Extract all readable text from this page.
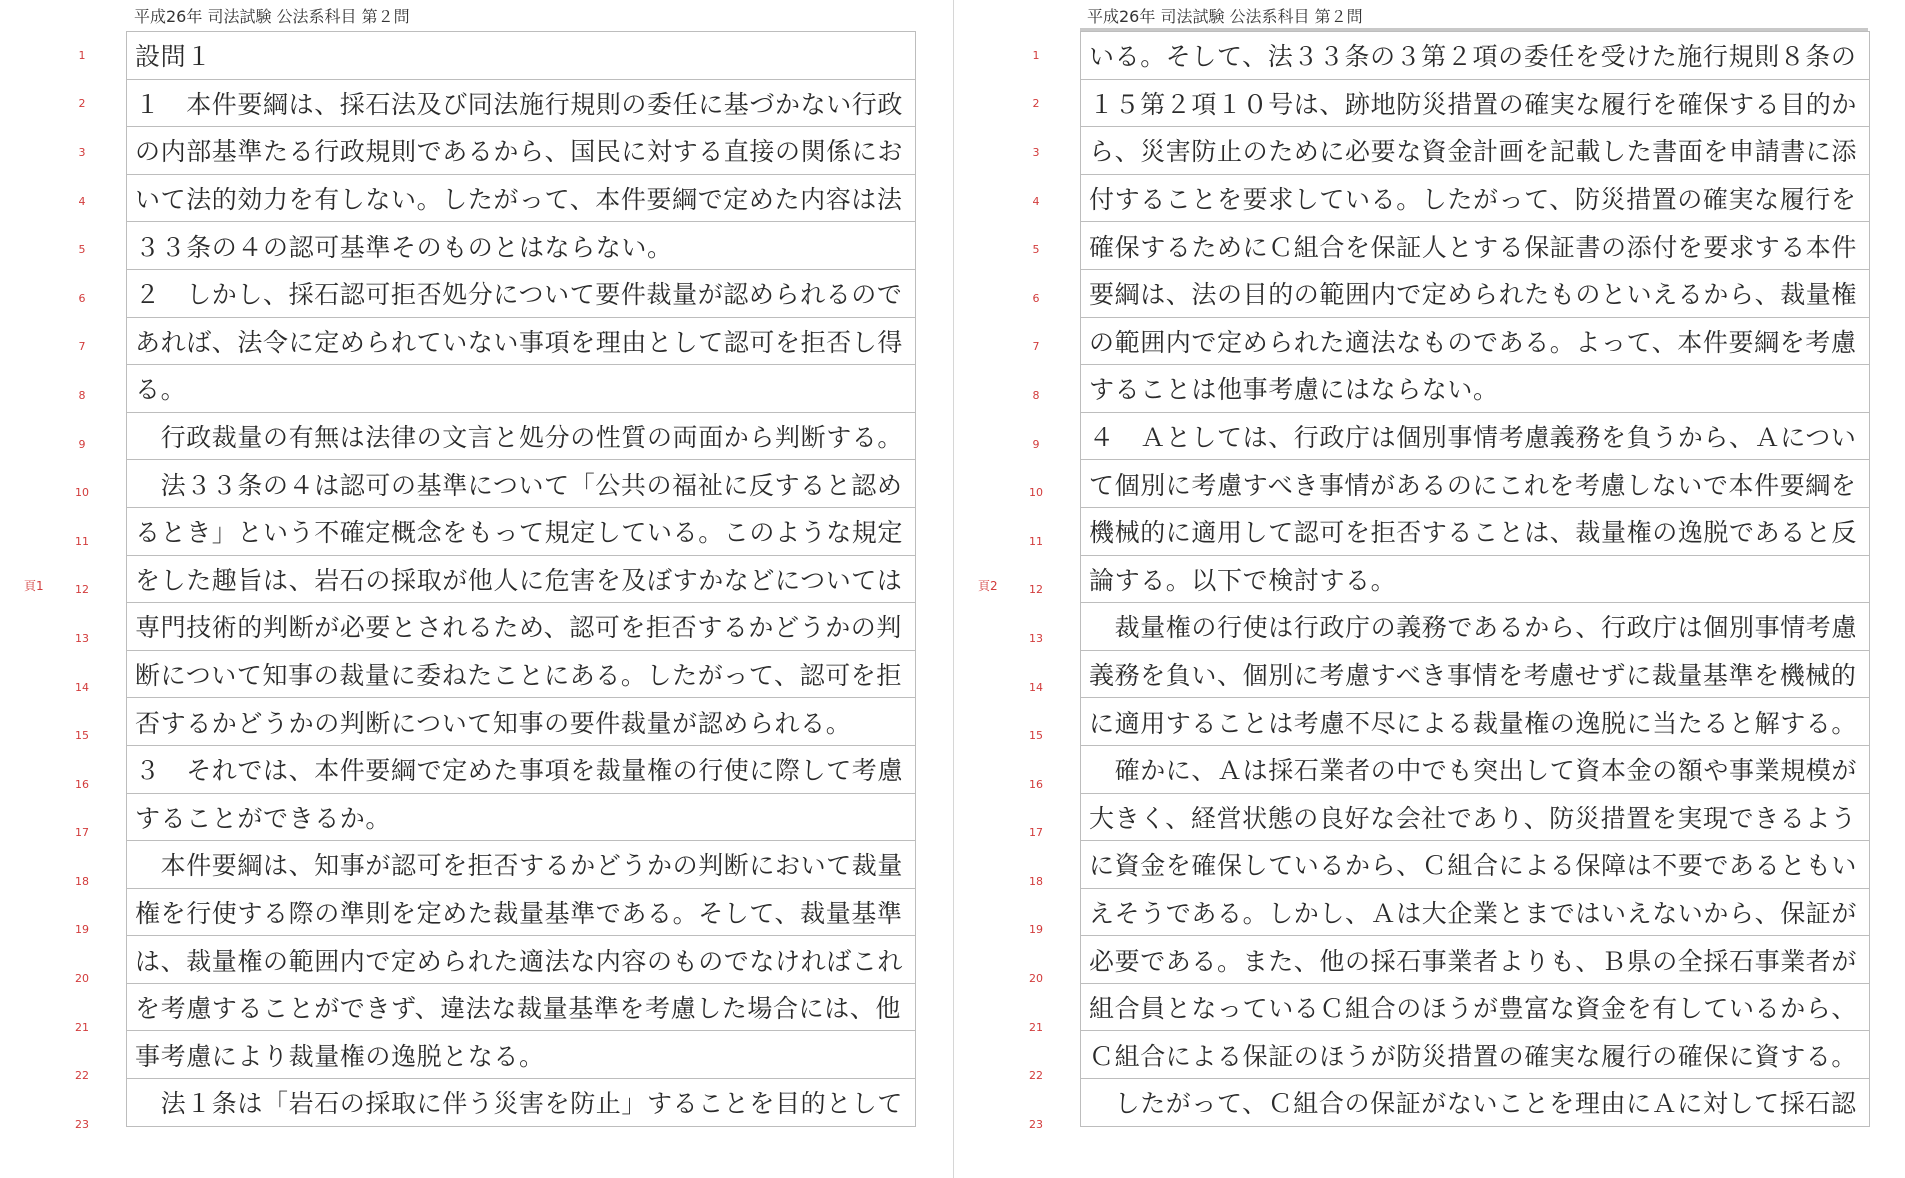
平成26年 司法試験 公法系科目 第２問
頁1
1
2
3
4
5
6
7
8
9
10
11
12
13
14
15
16
17
18
19
20
21
22
23
設問１
１　本件要綱は、採石法及び同法施行規則の委任に基づかない行政
の内部基準たる行政規則であるから、国民に対する直接の関係にお
いて法的効力を有しない。したがって、本件要綱で定めた内容は法
３３条の４の認可基準そのものとはならない。
２　しかし、採石認可拒否処分について要件裁量が認められるので
あれば、法令に定められていない事項を理由として認可を拒否し得
る。
　行政裁量の有無は法律の文言と処分の性質の両面から判断する。
　法３３条の４は認可の基準について「公共の福祉に反すると認め
るとき」という不確定概念をもって規定している。このような規定
をした趣旨は、岩石の採取が他人に危害を及ぼすかなどについては
専門技術的判断が必要とされるため、認可を拒否するかどうかの判
断について知事の裁量に委ねたことにある。したがって、認可を拒
否するかどうかの判断について知事の要件裁量が認められる。
３　それでは、本件要綱で定めた事項を裁量権の行使に際して考慮
することができるか。
　本件要綱は、知事が認可を拒否するかどうかの判断において裁量
権を行使する際の準則を定めた裁量基準である。そして、裁量基準
は、裁量権の範囲内で定められた適法な内容のものでなければこれ
を考慮することができず、違法な裁量基準を考慮した場合には、他
事考慮により裁量権の逸脱となる。
　法１条は「岩石の採取に伴う災害を防止」することを目的として
平成26年 司法試験 公法系科目 第２問
頁2
1
2
3
4
5
6
7
8
9
10
11
12
13
14
15
16
17
18
19
20
21
22
23
いる。そして、法３３条の３第２項の委任を受けた施行規則８条の
１５第２項１０号は、跡地防災措置の確実な履行を確保する目的か
ら、災害防止のために必要な資金計画を記載した書面を申請書に添
付することを要求している。したがって、防災措置の確実な履行を
確保するためにＣ組合を保証人とする保証書の添付を要求する本件
要綱は、法の目的の範囲内で定められたものといえるから、裁量権
の範囲内で定められた適法なものである。よって、本件要綱を考慮
することは他事考慮にはならない。
４　Ａとしては、行政庁は個別事情考慮義務を負うから、Ａについ
て個別に考慮すべき事情があるのにこれを考慮しないで本件要綱を
機械的に適用して認可を拒否することは、裁量権の逸脱であると反
論する。以下で検討する。
　裁量権の行使は行政庁の義務であるから、行政庁は個別事情考慮
義務を負い、個別に考慮すべき事情を考慮せずに裁量基準を機械的
に適用することは考慮不尽による裁量権の逸脱に当たると解する。
　確かに、Ａは採石業者の中でも突出して資本金の額や事業規模が
大きく、経営状態の良好な会社であり、防災措置を実現できるよう
に資金を確保しているから、Ｃ組合による保障は不要であるともい
えそうである。しかし、Ａは大企業とまではいえないから、保証が
必要である。また、他の採石事業者よりも、Ｂ県の全採石事業者が
組合員となっているＣ組合のほうが豊富な資金を有しているから、
Ｃ組合による保証のほうが防災措置の確実な履行の確保に資する。
　したがって、Ｃ組合の保証がないことを理由にＡに対して採石認
